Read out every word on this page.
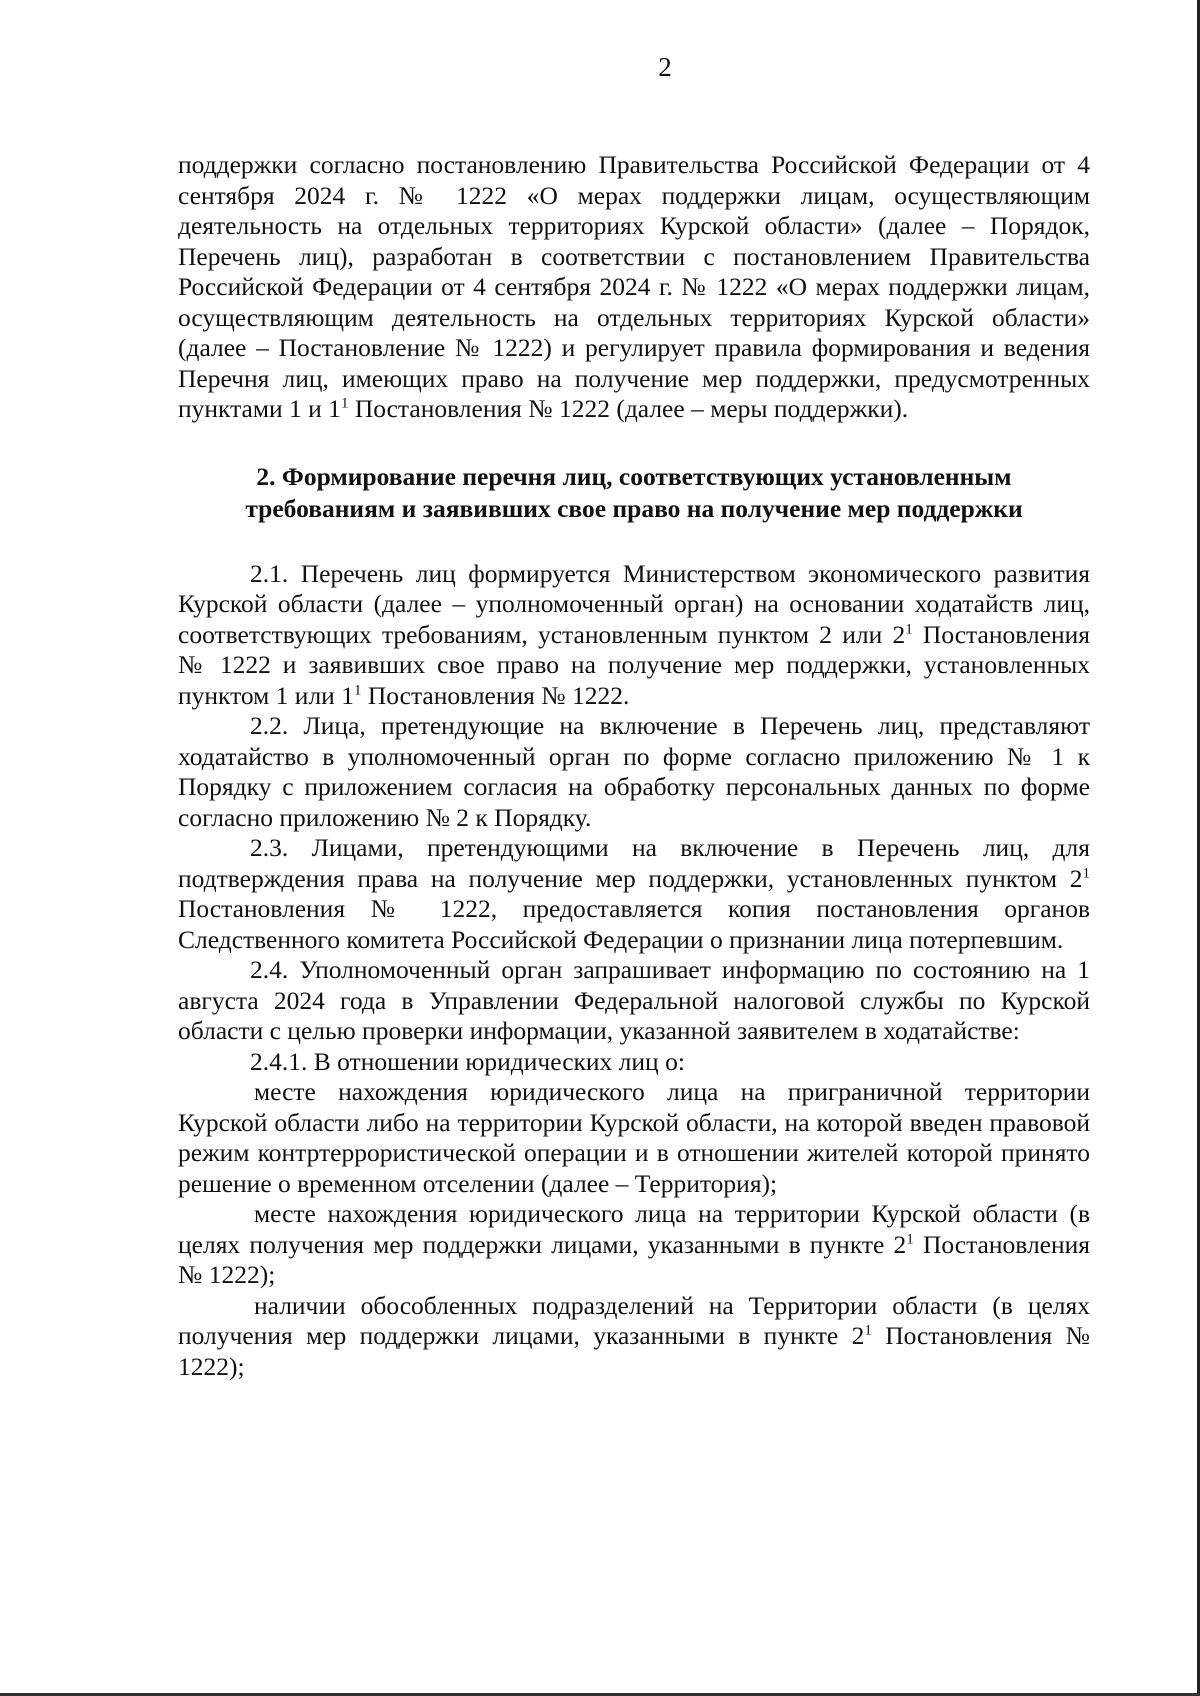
2

поддержки согласно постановлению Правительства Российской Федерации от 4 сентября 2024 г. № 1222 «О мерах поддержки лицам, осуществляющим деятельность на отдельных территориях Курской области» (далее – Порядок, Перечень лиц), разработан в соответствии с постановлением Правительства Российской Федерации от 4 сентября 2024 г. № 1222 «О мерах поддержки лицам, осуществляющим деятельность на отдельных территориях Курской области» (далее – Постановление № 1222) и регулирует правила формирования и ведения Перечня лиц, имеющих право на получение мер поддержки, предусмотренных пунктами 1 и $1^1$ Постановления № 1222 (далее – меры поддержки).

2. Формирование перечня лиц, соответствующих установленным требованиям и заявивших свое право на получение мер поддержки

2.1. Перечень лиц формируется Министерством экономического развития Курской области (далее – уполномоченный орган) на основании ходатайств лиц, соответствующих требованиям, установленным пунктом 2 или $2^1$ Постановления № 1222 и заявивших свое право на получение мер поддержки, установленных пунктом 1 или $1^1$ Постановления № 1222.

2.2. Лица, претендующие на включение в Перечень лиц, представляют ходатайство в уполномоченный орган по форме согласно приложению № 1 к Порядку с приложением согласия на обработку персональных данных по форме согласно приложению № 2 к Порядку.

2.3. Лицами, претендующими на включение в Перечень лиц, для подтверждения права на получение мер поддержки, установленных пунктом $2^1$ Постановления № 1222, предоставляется копия постановления органов Следственного комитета Российской Федерации о признании лица потерпевшим.

2.4. Уполномоченный орган запрашивает информацию по состоянию на 1 августа 2024 года в Управлении Федеральной налоговой службы по Курской области с целью проверки информации, указанной заявителем в ходатайстве:

2.4.1. В отношении юридических лиц о:

месте нахождения юридического лица на приграничной территории Курской области либо на территории Курской области, на которой введен правовой режим контртеррористической операции и в отношении жителей которой принято решение о временном отселении (далее – Территория);

месте нахождения юридического лица на территории Курской области (в целях получения мер поддержки лицами, указанными в пункте $2^1$ Постановления № 1222);

наличии обособленных подразделений на Территории области (в целях получения мер поддержки лицами, указанными в пункте $2^1$ Постановления № 1222);
